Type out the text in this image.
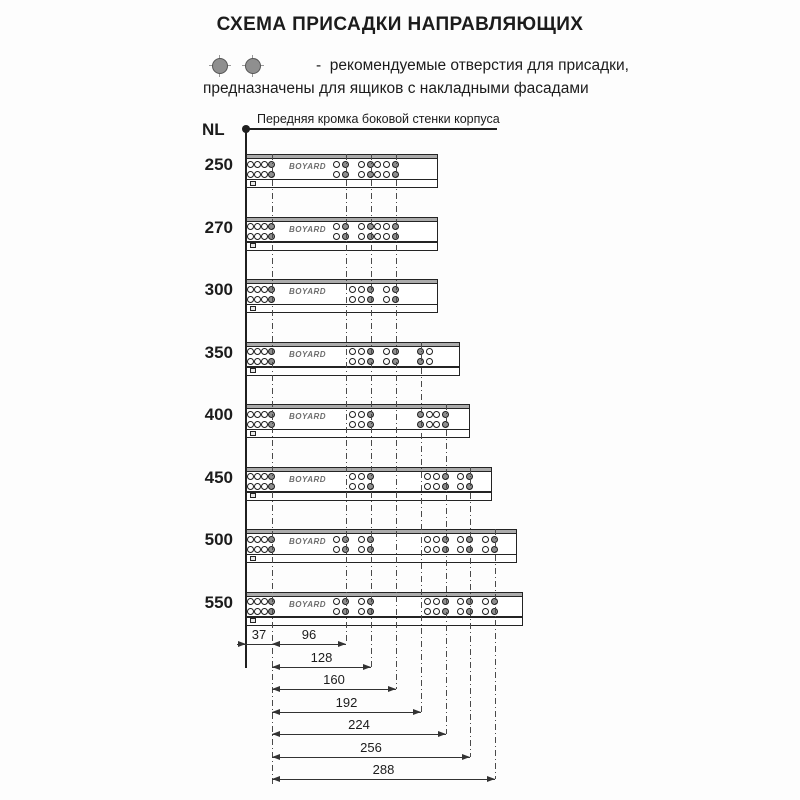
СХЕМА ПРИСАДКИ НАПРАВЛЯЮЩИХ
- рекомендуемые отверстия для присадки,
предназначены для ящиков с накладными фасадами
NL
Передняя кромка боковой стенки корпуса
250	BOYARD
270	BOYARD
300	BOYARD
350	BOYARD
400	BOYARD
450	BOYARD
500	BOYARD
550	BOYARD
37	96
128
160
192
224
256
288
